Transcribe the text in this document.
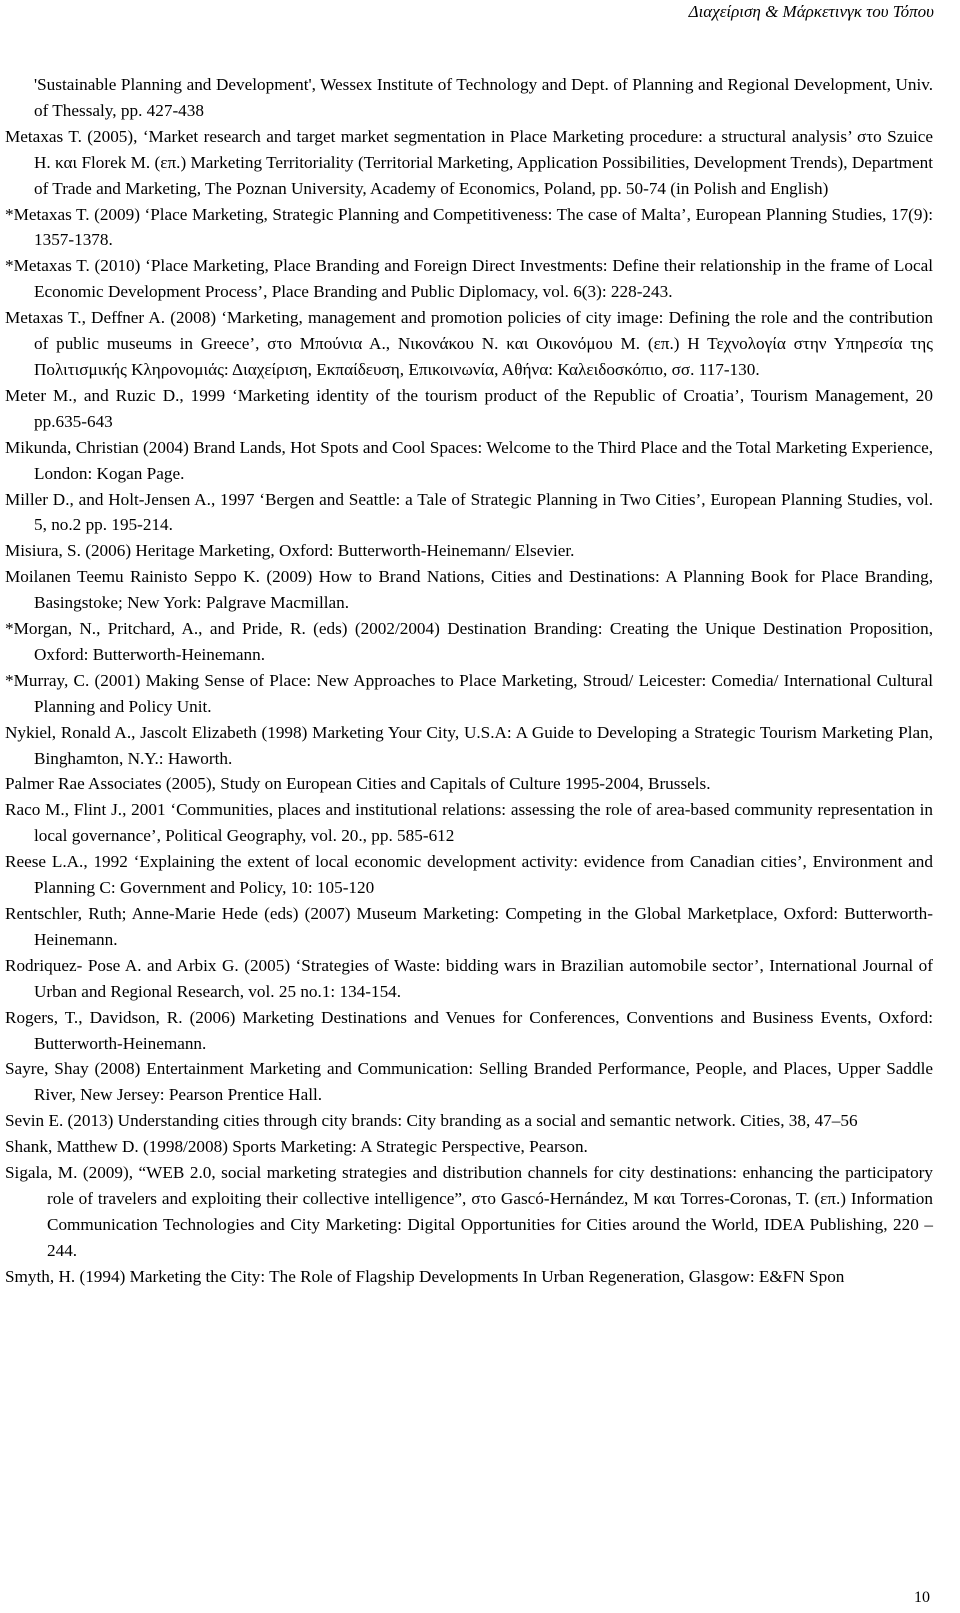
Διαχείριση & Μάρκετινγκ του Τόπου

'Sustainable Planning and Development', Wessex Institute of Technology and Dept. of Planning and Regional Development, Univ. of Thessaly, pp. 427-438

Metaxas T. (2005), ‘Market research and target market segmentation in Place Marketing procedure: a structural analysis’ στο Szuice H. και Florek M. (επ.) Marketing Territoriality (Territorial Marketing, Application Possibilities, Development Trends), Department of Trade and Marketing, The Poznan University, Academy of Economics, Poland, pp. 50-74 (in Polish and English)

*Metaxas T. (2009) ‘Place Marketing, Strategic Planning and Competitiveness: The case of Malta’, European Planning Studies, 17(9): 1357-1378.

*Metaxas T. (2010) ‘Place Marketing, Place Branding and Foreign Direct Investments: Define their relationship in the frame of Local Economic Development Process’, Place Branding and Public Diplomacy, vol. 6(3): 228-243.

Metaxas T., Deffner A. (2008) ‘Marketing, management and promotion policies of city image: Defining the role and the contribution of public museums in Greece’, στο Μπούνια Α., Νικονάκου Ν. και Οικονόμου Μ. (επ.) Η Τεχνολογία στην Υπηρεσία της Πολιτισμικής Κληρονομιάς: Διαχείριση, Εκπαίδευση, Επικοινωνία, Αθήνα: Καλειδοσκόπιο, σσ. 117-130.

Meter M., and Ruzic D., 1999 ‘Marketing identity of the tourism product of the Republic of Croatia’, Tourism Management, 20 pp.635-643

Mikunda, Christian (2004) Brand Lands, Hot Spots and Cool Spaces: Welcome to the Third Place and the Total Marketing Experience, London: Kogan Page.

Miller D., and Holt-Jensen A., 1997 ‘Bergen and Seattle: a Tale of Strategic Planning in Two Cities’, European Planning Studies, vol. 5, no.2 pp. 195-214.

Misiura, S. (2006) Heritage Marketing, Oxford: Butterworth-Heinemann/ Elsevier.

Moilanen Teemu Rainisto Seppo K. (2009) How to Brand Nations, Cities and Destinations: A Planning Book for Place Branding, Basingstoke; New York: Palgrave Macmillan.

*Morgan, N., Pritchard, A., and Pride, R. (eds) (2002/2004) Destination Branding: Creating the Unique Destination Proposition, Oxford: Butterworth-Heinemann.

*Murray, C. (2001) Making Sense of Place: New Approaches to Place Marketing, Stroud/ Leicester: Comedia/ International Cultural Planning and Policy Unit.

Nykiel, Ronald A., Jascolt Elizabeth (1998) Marketing Your City, U.S.A: A Guide to Developing a Strategic Tourism Marketing Plan, Binghamton, N.Y.: Haworth.

Palmer Rae Associates (2005), Study on European Cities and Capitals of Culture 1995-2004, Brussels.

Raco M., Flint J., 2001 ‘Communities, places and institutional relations: assessing the role of area-based community representation in local governance’, Political Geography, vol. 20., pp. 585-612

Reese L.A., 1992 ‘Explaining the extent of local economic development activity: evidence from Canadian cities’, Environment and Planning C: Government and Policy, 10: 105-120

Rentschler, Ruth; Anne-Marie Hede (eds) (2007) Museum Marketing: Competing in the Global Marketplace, Oxford: Butterworth-Heinemann.

Rodriquez- Pose A. and Arbix G. (2005) ‘Strategies of Waste: bidding wars in Brazilian automobile sector’, International Journal of Urban and Regional Research, vol. 25 no.1: 134-154.

Rogers, T., Davidsοn, R. (2006) Marketing Destinations and Venues for Conferences, Conventions and Business Events, Oxford: Butterworth-Heinemann.

Sayre, Shay (2008) Entertainment Marketing and Communication: Selling Branded Performance, People, and Places, Upper Saddle River, New Jersey: Pearson Prentice Hall.

Sevin E. (2013) Understanding cities through city brands: City branding as a social and semantic network. Cities, 38, 47–56

Shank, Matthew D. (1998/2008) Sports Marketing: A Strategic Perspective, Pearson.

Sigala, M. (2009), “WEB 2.0, social marketing strategies and distribution channels for city destinations: enhancing the participatory role of travelers and exploiting their collective intelligence”, στο Gascó-Hernández, M και Torres-Coronas, T. (επ.) Information Communication Technologies and City Marketing: Digital Opportunities for Cities around the World, IDEA Publishing, 220 – 244.

Smyth, H. (1994) Marketing the City: The Role of Flagship Developments In Urban Regeneration, Glasgow: E&FN Spon

10
